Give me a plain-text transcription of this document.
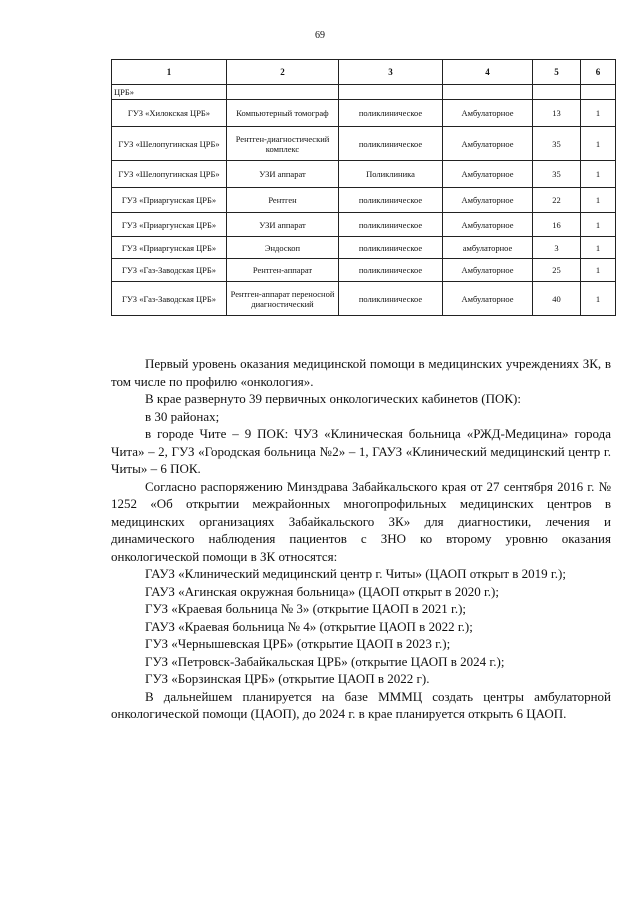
69
1	2	3	4	5	6
ЦРБ»					
ГУЗ «Хилокская ЦРБ»	Компьютерный томограф	поликлиническое	Амбулаторное	13	1
ГУЗ «Шелопугинская ЦРБ»	Рентген-диагностический комплекс	поликлиническое	Амбулаторное	35	1
ГУЗ «Шелопугинская ЦРБ»	УЗИ аппарат	Поликлиника	Амбулаторное	35	1
ГУЗ «Приаргунская ЦРБ»	Рентген	поликлиническое	Амбулаторное	22	1
ГУЗ «Приаргунская ЦРБ»	УЗИ аппарат	поликлиническое	Амбулаторное	16	1
ГУЗ «Приаргунская ЦРБ»	Эндоскоп	поликлиническое	амбулаторное	3	1
ГУЗ «Газ-Заводская ЦРБ»	Рентген-аппарат	поликлиническое	Амбулаторное	25	1
ГУЗ «Газ-Заводская ЦРБ»	Рентген-аппарат переносной диагностический	поликлиническое	Амбулаторное	40	1

Первый уровень оказания медицинской помощи в медицинских учреждениях ЗК, в том числе по профилю «онкология».

В крае развернуто 39 первичных онкологических кабинетов (ПОК):

в 30 районах;

в городе Чите – 9 ПОК: ЧУЗ «Клиническая больница «РЖД-Медицина» города Чита» – 2, ГУЗ «Городская больница №2» – 1, ГАУЗ «Клинический медицинский центр г. Читы» – 6 ПОК.

Согласно распоряжению Минздрава Забайкальского края от 27 сентября 2016 г. № 1252 «Об открытии межрайонных многопрофильных медицинских центров в медицинских организациях Забайкальского ЗК» для диагностики, лечения и динамического наблюдения пациентов с ЗНО ко второму уровню оказания онкологической помощи в ЗК относятся:

ГАУЗ «Клинический медицинский центр г. Читы» (ЦАОП открыт в 2019 г.);

ГАУЗ «Агинская окружная больница» (ЦАОП открыт в 2020 г.);

ГУЗ «Краевая больница № 3» (открытие ЦАОП в 2021 г.);

ГАУЗ «Краевая больница № 4» (открытие ЦАОП в 2022 г.);

ГУЗ «Чернышевская ЦРБ» (открытие ЦАОП в 2023 г.);

ГУЗ «Петровск-Забайкальская ЦРБ» (открытие ЦАОП в 2024 г.);

ГУЗ «Борзинская ЦРБ» (открытие ЦАОП в 2022 г).

В дальнейшем планируется на базе МММЦ создать центры амбулаторной онкологической помощи (ЦАОП), до 2024 г. в крае планируется открыть 6 ЦАОП.
